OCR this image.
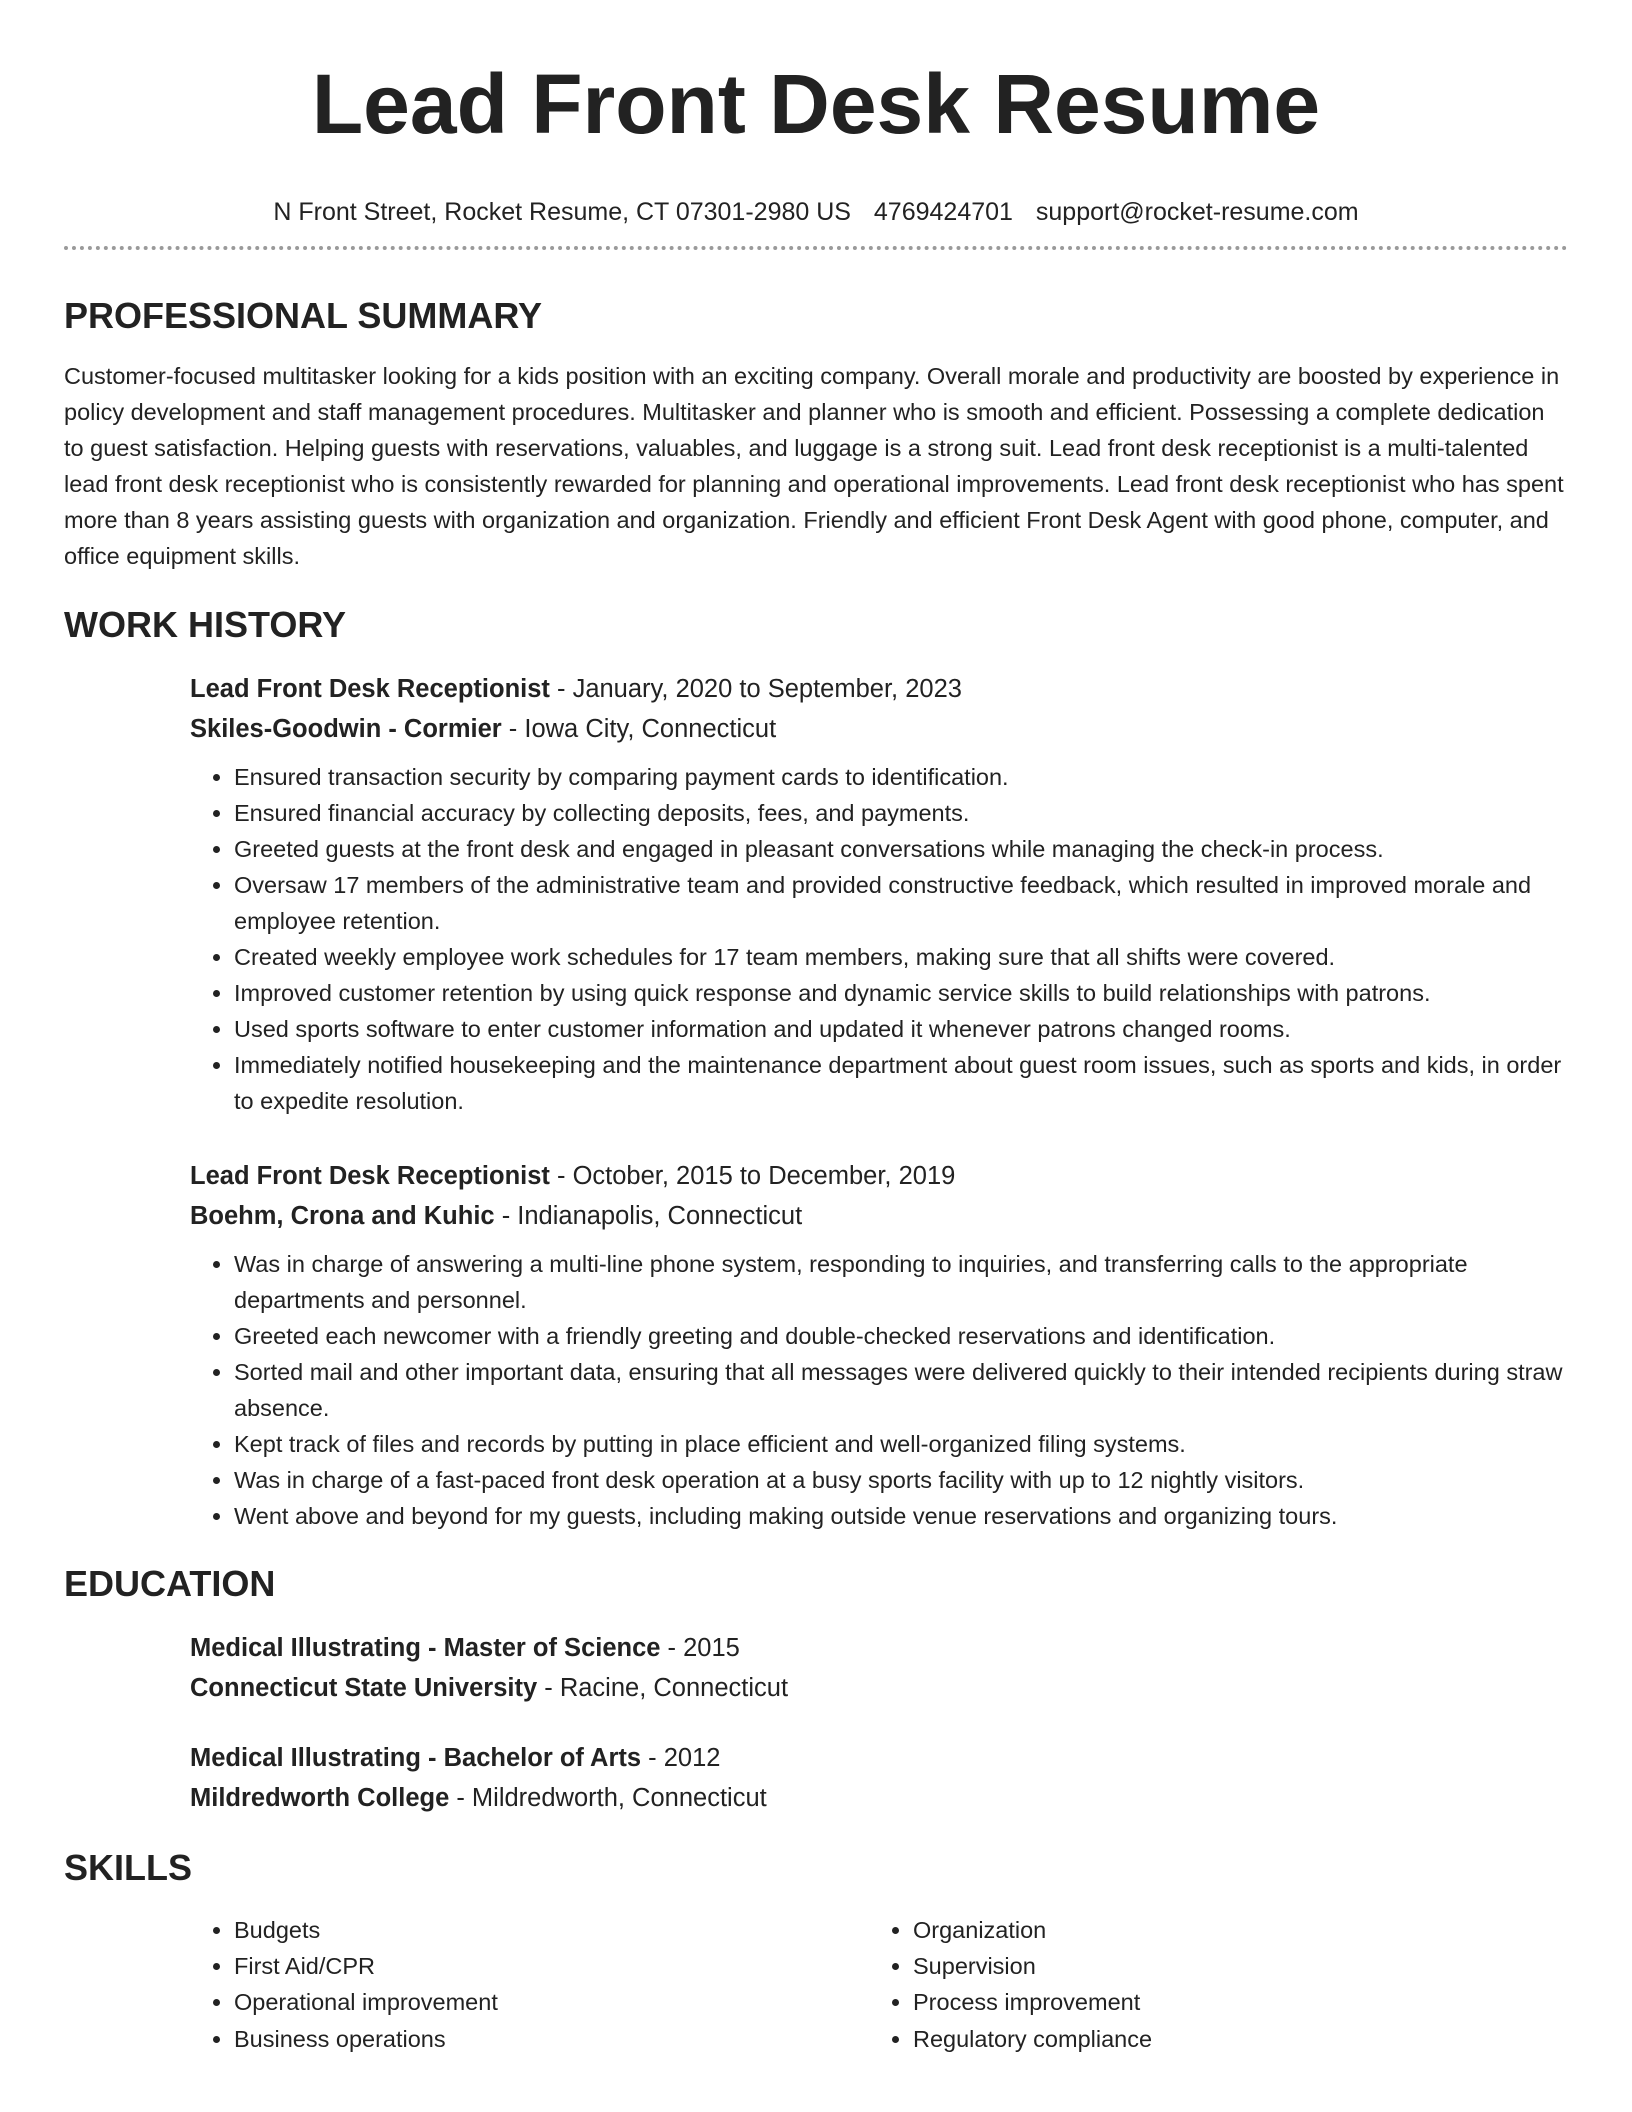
Lead Front Desk Resume
N Front Street, Rocket Resume, CT 07301-2980 US 4769424701 support@rocket-resume.com
PROFESSIONAL SUMMARY

Customer-focused multitasker looking for a kids position with an exciting company. Overall morale and productivity are boosted by experience in policy development and staff management procedures. Multitasker and planner who is smooth and efficient. Possessing a complete dedication to guest satisfaction. Helping guests with reservations, valuables, and luggage is a strong suit. Lead front desk receptionist is a multi-talented lead front desk receptionist who is consistently rewarded for planning and operational improvements. Lead front desk receptionist who has spent more than 8 years assisting guests with organization and organization. Friendly and efficient Front Desk Agent with good phone, computer, and office equipment skills.

WORK HISTORY
Lead Front Desk Receptionist - January, 2020 to September, 2023
Skiles-Goodwin - Cormier - Iowa City, Connecticut
• Ensured transaction security by comparing payment cards to identification.
• Ensured financial accuracy by collecting deposits, fees, and payments.
• Greeted guests at the front desk and engaged in pleasant conversations while managing the check-in process.
• Oversaw 17 members of the administrative team and provided constructive feedback, which resulted in improved morale and employee retention.
• Created weekly employee work schedules for 17 team members, making sure that all shifts were covered.
• Improved customer retention by using quick response and dynamic service skills to build relationships with patrons.
• Used sports software to enter customer information and updated it whenever patrons changed rooms.
• Immediately notified housekeeping and the maintenance department about guest room issues, such as sports and kids, in order to expedite resolution.
Lead Front Desk Receptionist - October, 2015 to December, 2019
Boehm, Crona and Kuhic - Indianapolis, Connecticut
• Was in charge of answering a multi-line phone system, responding to inquiries, and transferring calls to the appropriate departments and personnel.
• Greeted each newcomer with a friendly greeting and double-checked reservations and identification.
• Sorted mail and other important data, ensuring that all messages were delivered quickly to their intended recipients during straw absence.
• Kept track of files and records by putting in place efficient and well-organized filing systems.
• Was in charge of a fast-paced front desk operation at a busy sports facility with up to 12 nightly visitors.
• Went above and beyond for my guests, including making outside venue reservations and organizing tours.
EDUCATION
Medical Illustrating - Master of Science - 2015
Connecticut State University - Racine, Connecticut
Medical Illustrating - Bachelor of Arts - 2012
Mildredworth College - Mildredworth, Connecticut
SKILLS
• Budgets
• First Aid/CPR
• Operational improvement
• Business operations
• Organization
• Supervision
• Process improvement
• Regulatory compliance
